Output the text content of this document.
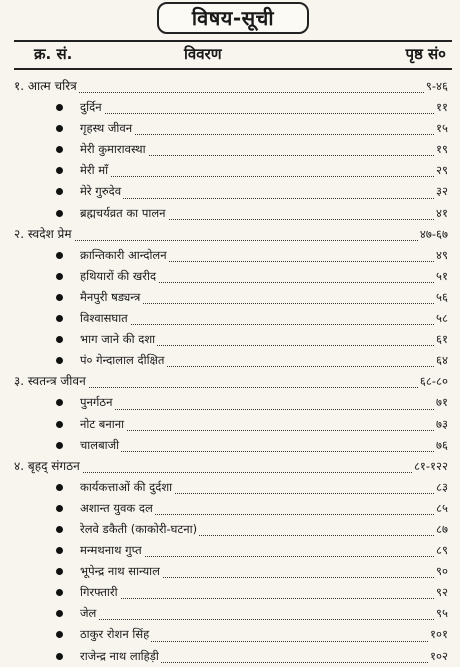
विषय-सूची
क्र. सं.	विवरण	पृष्ठ सं०
१. आत्म चरित्र	९-४६
दुर्दिन	११
गृहस्थ जीवन	१५
मेरी कुमारावस्था	१९
मेरी माँ	२९
मेरे गुरुदेव	३२
ब्रह्मचर्यव्रत का पालन	४१
२. स्वदेश प्रेम	४७-६७
क्रान्तिकारी आन्दोलन	४९
हथियारों की खरीद	५१
मैनपुरी षड्यन्त्र	५६
विश्वासघात	५८
भाग जाने की दशा	६१
पं० गेन्दालाल दीक्षित	६४
३. स्वतन्त्र जीवन	६८-८०
पुनर्गठन	७१
नोट बनाना	७३
चालबाजी	७६
४. बृहद् संगठन	८१-१२२
कार्यकत्ताओं की दुर्दशा	८३
अशान्त युवक दल	८५
रेलवे डकैती (काकोरी-घटना)	८७
मन्मथनाथ गुप्त	८९
भूपेन्द्र नाथ सान्याल	९०
गिरफ्तारी	९२
जेल	९५
ठाकुर रोशन सिंह	१०१
राजेन्द्र नाथ लाहिड़ी	१०२
